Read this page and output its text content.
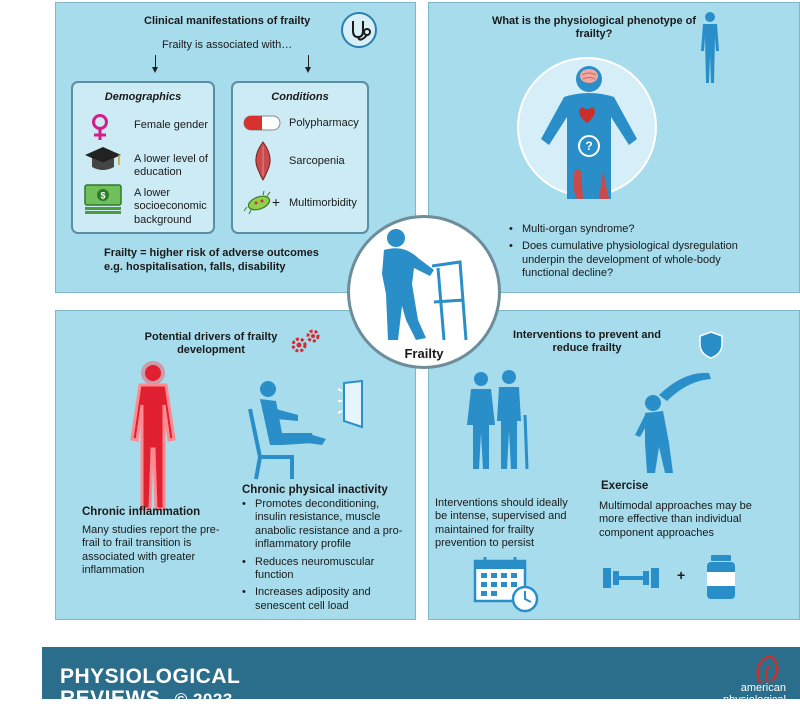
Clinical manifestations of frailty
Frailty is associated with…
Demographics
Female gender
A lower level of education
$	A lower socioeconomic background
Conditions
Polypharmacy
Sarcopenia
+ Multimorbidity
Frailty = higher risk of adverse outcomes
e.g. hospitalisation, falls, disability
What is the physiological phenotype of frailty?
?
• Multi-organ syndrome?
• Does cumulative physiological dysregulation underpin the development of whole-body functional decline?
Potential drivers of frailty development
Chronic inflammation
Many studies report the pre-frail to frail transition is associated with greater inflammation
Chronic physical inactivity
• Promotes deconditioning, insulin resistance, muscle anabolic resistance and a pro-inflammatory profile
• Reduces neuromuscular function
• Increases adiposity and senescent cell load
Interventions to prevent and reduce frailty
Exercise
Interventions should ideally be intense, supervised and maintained for frailty prevention to persist
Multimodal approaches may be more effective than individual component approaches
+
Frailty
PHYSIOLOGICAL
REVIEWS © 2023
american
physiological
